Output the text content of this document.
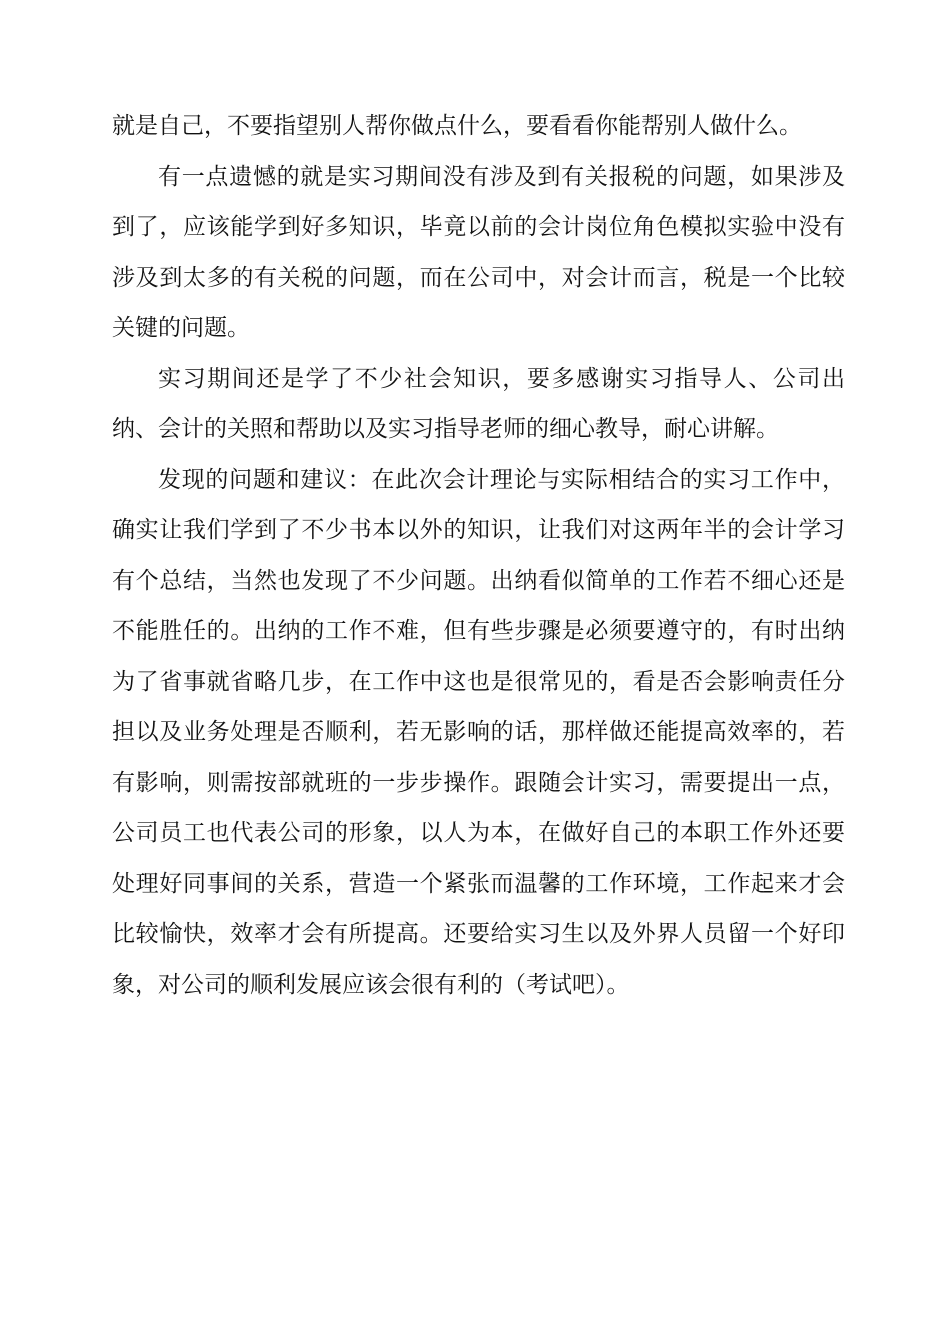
就是自己，不要指望别人帮你做点什么，要看看你能帮别人做什么。

有一点遗憾的就是实习期间没有涉及到有关报税的问题，如果涉及到了，应该能学到好多知识，毕竟以前的会计岗位角色模拟实验中没有涉及到太多的有关税的问题，而在公司中，对会计而言，税是一个比较关键的问题。

实习期间还是学了不少社会知识，要多感谢实习指导人、公司出纳、会计的关照和帮助以及实习指导老师的细心教导，耐心讲解。

发现的问题和建议：在此次会计理论与实际相结合的实习工作中，确实让我们学到了不少书本以外的知识，让我们对这两年半的会计学习有个总结，当然也发现了不少问题。出纳看似简单的工作若不细心还是不能胜任的。出纳的工作不难，但有些步骤是必须要遵守的，有时出纳为了省事就省略几步，在工作中这也是很常见的，看是否会影响责任分担以及业务处理是否顺利，若无影响的话，那样做还能提高效率的，若有影响，则需按部就班的一步步操作。跟随会计实习，需要提出一点，公司员工也代表公司的形象，以人为本，在做好自己的本职工作外还要处理好同事间的关系，营造一个紧张而温馨的工作环境，工作起来才会比较愉快，效率才会有所提高。还要给实习生以及外界人员留一个好印象，对公司的顺利发展应该会很有利的（考试吧）。
